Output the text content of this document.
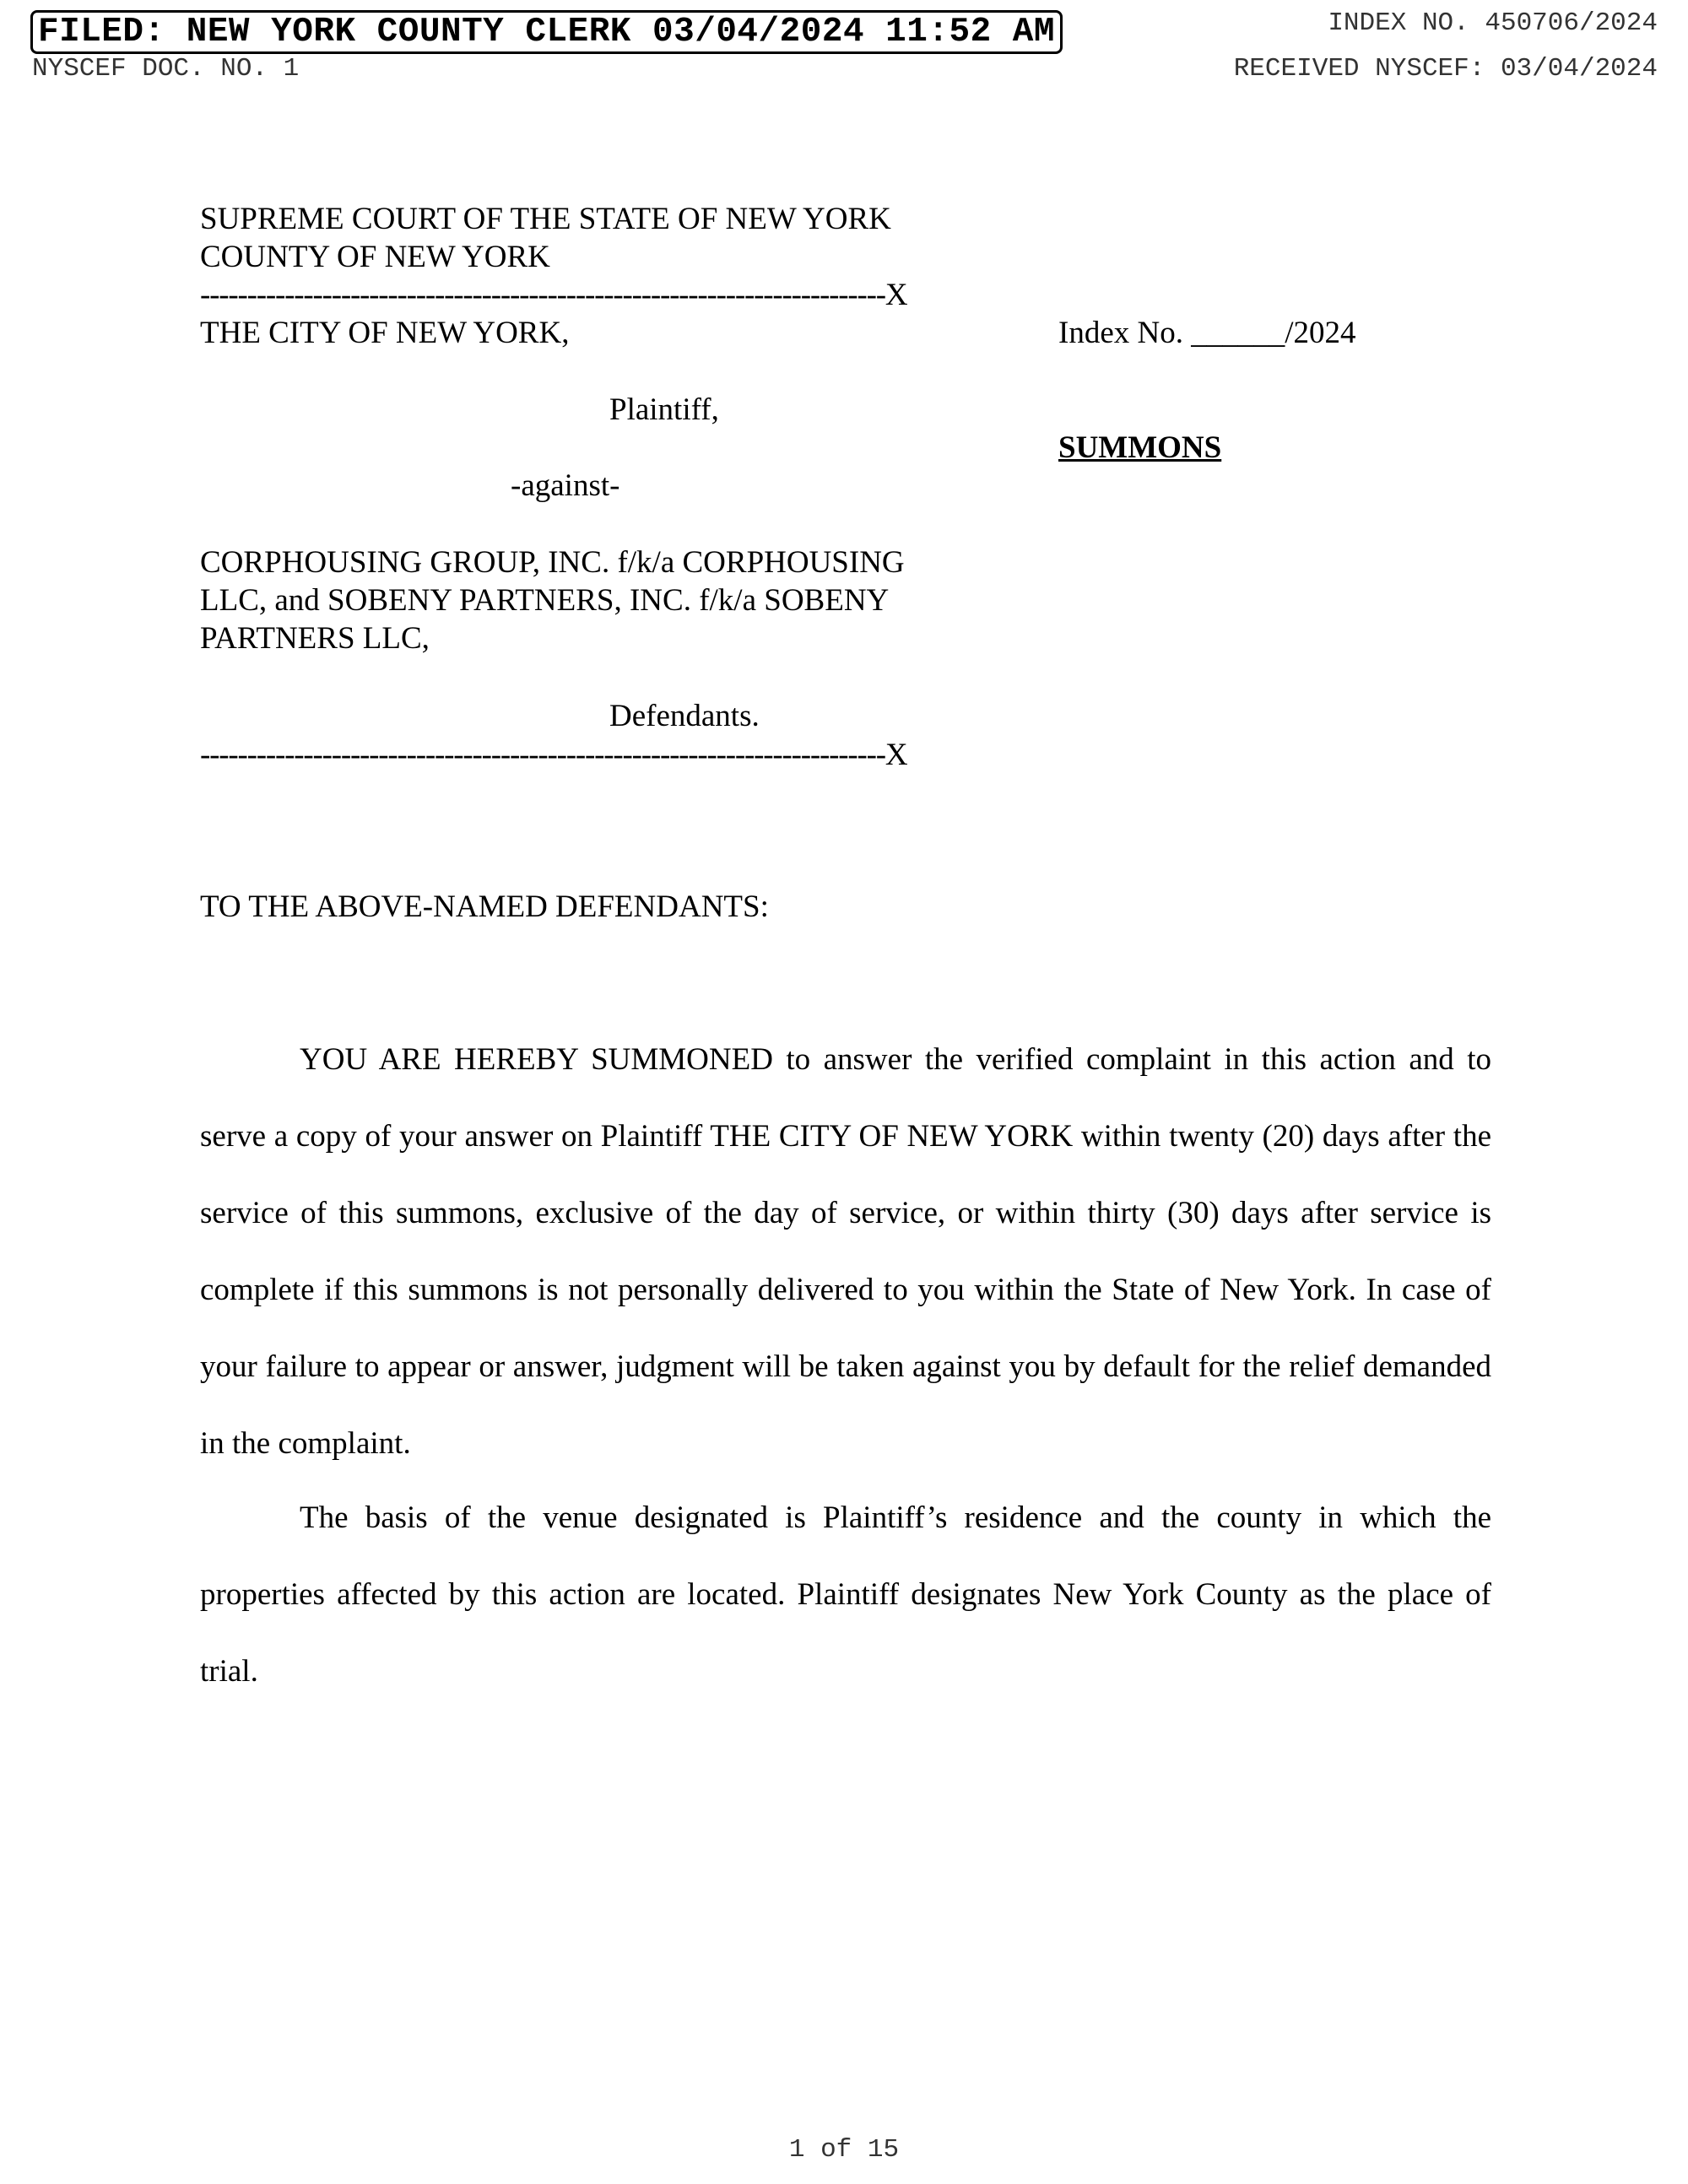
FILED: NEW YORK COUNTY CLERK 03/04/2024 11:52 AM	INDEX NO. 450706/2024
NYSCEF DOC. NO. 1	RECEIVED NYSCEF: 03/04/2024
SUPREME COURT OF THE STATE OF NEW YORK
COUNTY OF NEW YORK
-------------------------------------------------------------------------X
THE CITY OF NEW YORK,	Index No. ______/2024
Plaintiff,
SUMMONS
-against-
CORPHOUSING GROUP, INC. f/k/a CORPHOUSING
LLC, and SOBENY PARTNERS, INC. f/k/a SOBENY
PARTNERS LLC,
Defendants.
-------------------------------------------------------------------------X
TO THE ABOVE-NAMED DEFENDANTS:
YOU ARE HEREBY SUMMONED to answer the verified complaint in this action and to serve a copy of your answer on Plaintiff THE CITY OF NEW YORK within twenty (20) days after the service of this summons, exclusive of the day of service, or within thirty (30) days after service is complete if this summons is not personally delivered to you within the State of New York. In case of your failure to appear or answer, judgment will be taken against you by default for the relief demanded in the complaint.
The basis of the venue designated is Plaintiff’s residence and the county in which the properties affected by this action are located. Plaintiff designates New York County as the place of trial.
1 of 15
